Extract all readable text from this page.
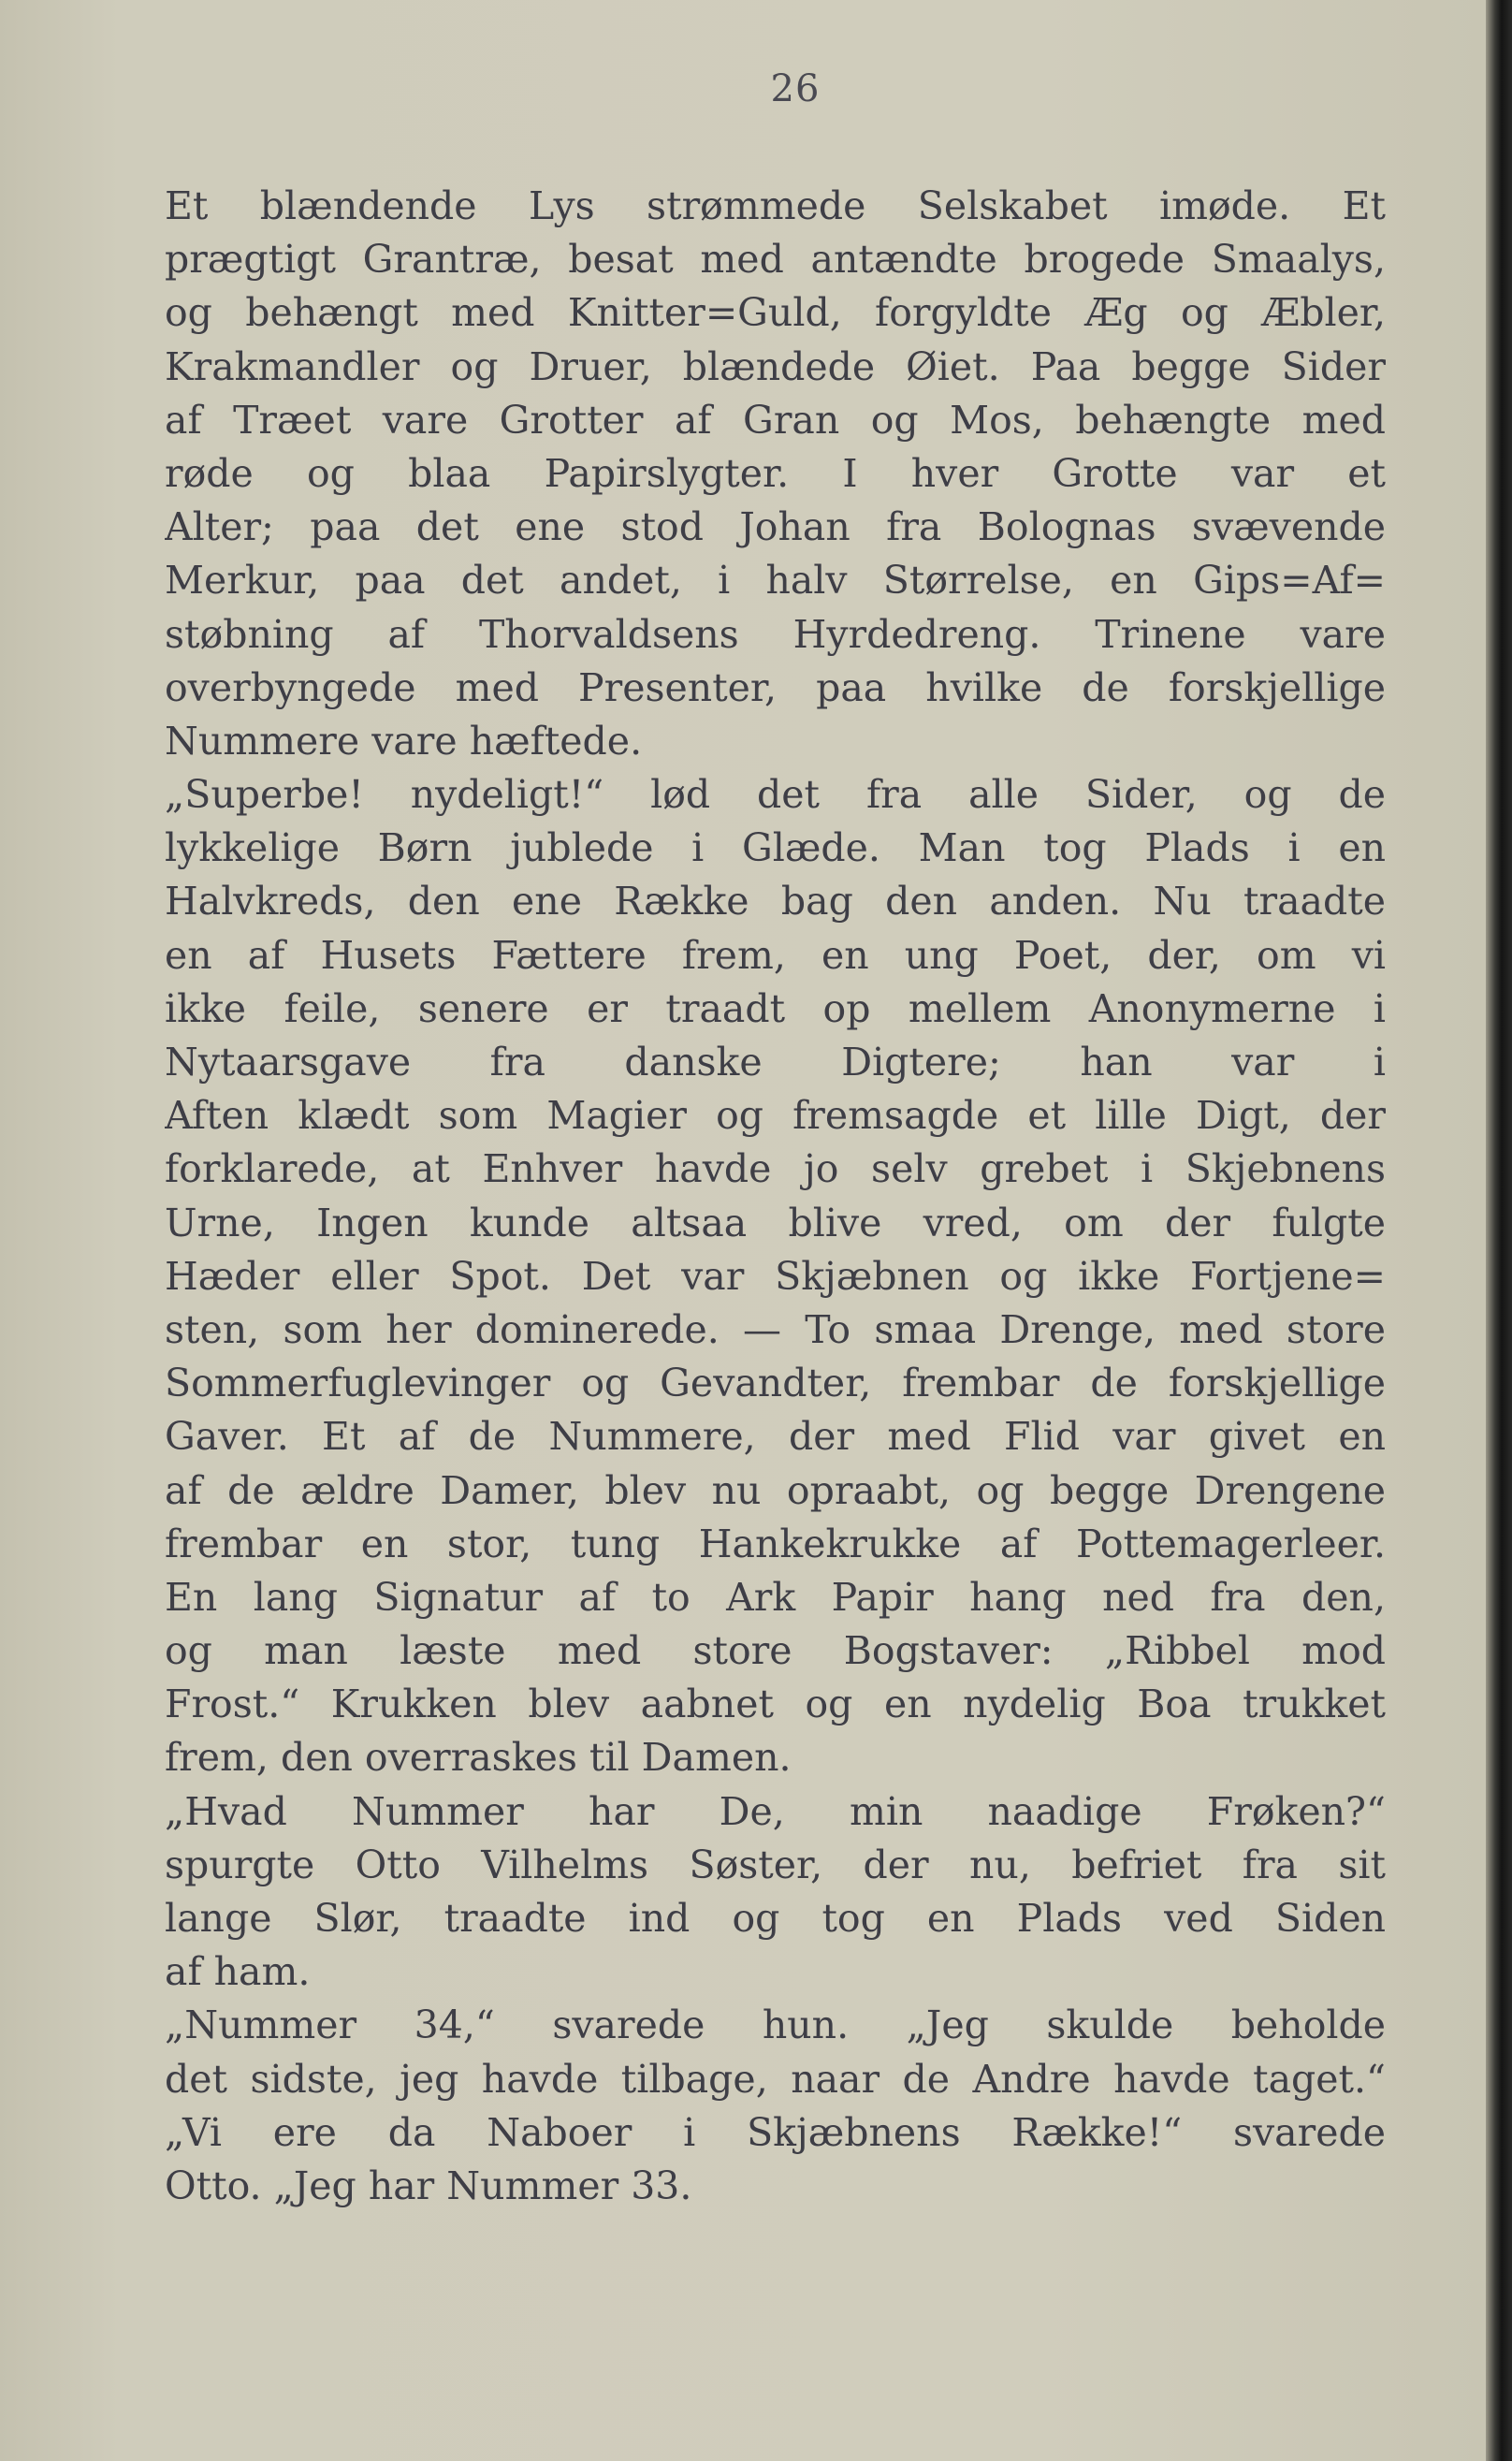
26
Et blændende Lys strømmede Selskabet imøde. Et
prægtigt Grantræ, besat med antændte brogede Smaalys,
og behængt med Knitter=Guld, forgyldte Æg og Æbler,
Krakmandler og Druer, blændede Øiet. Paa begge Sider
af Træet vare Grotter af Gran og Mos, behængte med
røde og blaa Papirslygter. I hver Grotte var et
Alter; paa det ene stod Johan fra Bolognas svævende
Merkur, paa det andet, i halv Størrelse, en Gips=Af=
støbning af Thorvaldsens Hyrdedreng. Trinene vare
overbyngede med Presenter, paa hvilke de forskjellige
Nummere vare hæftede.
„Superbe! nydeligt!“ lød det fra alle Sider, og de
lykkelige Børn jublede i Glæde. Man tog Plads i en
Halvkreds, den ene Række bag den anden. Nu traadte
en af Husets Fættere frem, en ung Poet, der, om vi
ikke feile, senere er traadt op mellem Anonymerne i
Nytaarsgave fra danske Digtere; han var i
Aften klædt som Magier og fremsagde et lille Digt, der
forklarede, at Enhver havde jo selv grebet i Skjebnens
Urne, Ingen kunde altsaa blive vred, om der fulgte
Hæder eller Spot. Det var Skjæbnen og ikke Fortjene=
sten, som her dominerede. — To smaa Drenge, med store
Sommerfuglevinger og Gevandter, frembar de forskjellige
Gaver. Et af de Nummere, der med Flid var givet en
af de ældre Damer, blev nu opraabt, og begge Drengene
frembar en stor, tung Hankekrukke af Pottemagerleer.
En lang Signatur af to Ark Papir hang ned fra den,
og man læste med store Bogstaver: „Ribbel mod
Frost.“ Krukken blev aabnet og en nydelig Boa trukket
frem, den overraskes til Damen.
„Hvad Nummer har De, min naadige Frøken?“
spurgte Otto Vilhelms Søster, der nu, befriet fra sit
lange Slør, traadte ind og tog en Plads ved Siden
af ham.
„Nummer 34,“ svarede hun. „Jeg skulde beholde
det sidste, jeg havde tilbage, naar de Andre havde taget.“
„Vi ere da Naboer i Skjæbnens Række!“ svarede
Otto. „Jeg har Nummer 33.
